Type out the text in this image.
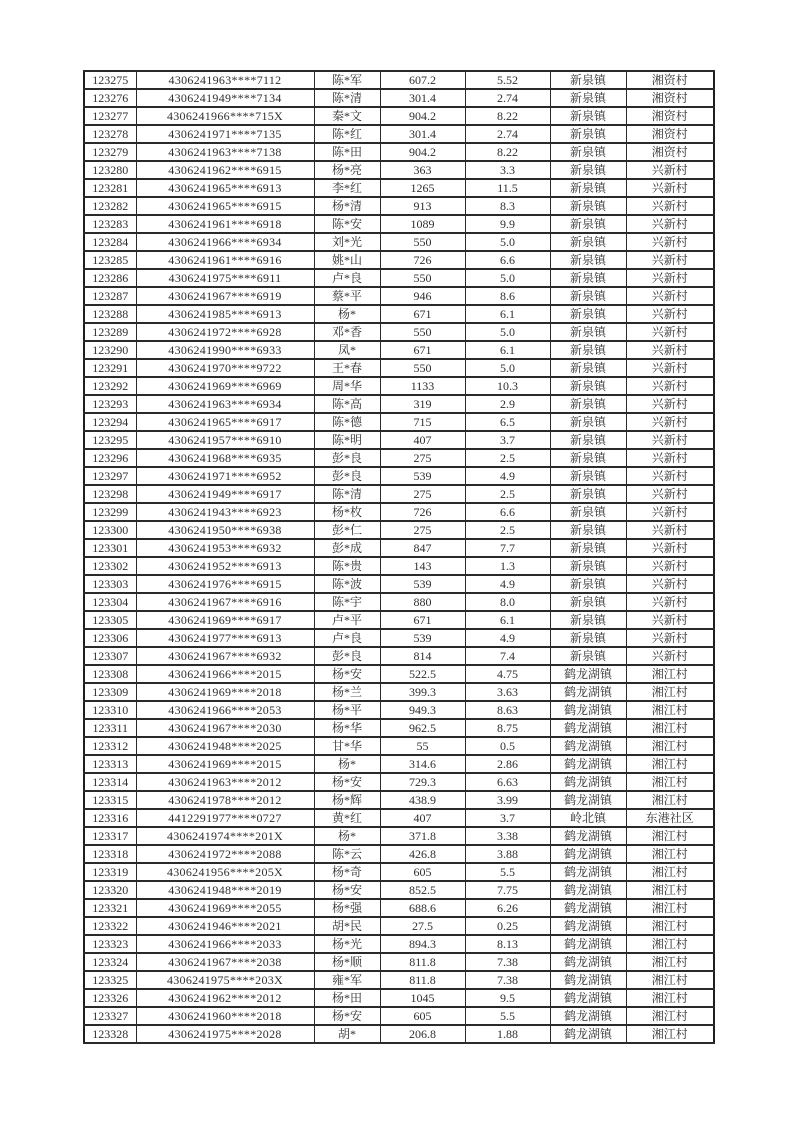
123275	4306241963****7112	陈*军	607.2	5.52	新泉镇	湘资村
123276	4306241949****7134	陈*清	301.4	2.74	新泉镇	湘资村
123277	4306241966****715X	秦*文	904.2	8.22	新泉镇	湘资村
123278	4306241971****7135	陈*红	301.4	2.74	新泉镇	湘资村
123279	4306241963****7138	陈*田	904.2	8.22	新泉镇	湘资村
123280	4306241962****6915	杨*亮	363	3.3	新泉镇	兴新村
123281	4306241965****6913	李*红	1265	11.5	新泉镇	兴新村
123282	4306241965****6915	杨*清	913	8.3	新泉镇	兴新村
123283	4306241961****6918	陈*安	1089	9.9	新泉镇	兴新村
123284	4306241966****6934	刘*光	550	5.0	新泉镇	兴新村
123285	4306241961****6916	姚*山	726	6.6	新泉镇	兴新村
123286	4306241975****6911	卢*良	550	5.0	新泉镇	兴新村
123287	4306241967****6919	蔡*平	946	8.6	新泉镇	兴新村
123288	4306241985****6913	杨*	671	6.1	新泉镇	兴新村
123289	4306241972****6928	邓*香	550	5.0	新泉镇	兴新村
123290	4306241990****6933	凤*	671	6.1	新泉镇	兴新村
123291	4306241970****9722	王*春	550	5.0	新泉镇	兴新村
123292	4306241969****6969	周*华	1133	10.3	新泉镇	兴新村
123293	4306241963****6934	陈*高	319	2.9	新泉镇	兴新村
123294	4306241965****6917	陈*德	715	6.5	新泉镇	兴新村
123295	4306241957****6910	陈*明	407	3.7	新泉镇	兴新村
123296	4306241968****6935	彭*良	275	2.5	新泉镇	兴新村
123297	4306241971****6952	彭*良	539	4.9	新泉镇	兴新村
123298	4306241949****6917	陈*清	275	2.5	新泉镇	兴新村
123299	4306241943****6923	杨*枚	726	6.6	新泉镇	兴新村
123300	4306241950****6938	彭*仁	275	2.5	新泉镇	兴新村
123301	4306241953****6932	彭*成	847	7.7	新泉镇	兴新村
123302	4306241952****6913	陈*贵	143	1.3	新泉镇	兴新村
123303	4306241976****6915	陈*波	539	4.9	新泉镇	兴新村
123304	4306241967****6916	陈*宇	880	8.0	新泉镇	兴新村
123305	4306241969****6917	卢*平	671	6.1	新泉镇	兴新村
123306	4306241977****6913	卢*良	539	4.9	新泉镇	兴新村
123307	4306241967****6932	彭*良	814	7.4	新泉镇	兴新村
123308	4306241966****2015	杨*安	522.5	4.75	鹤龙湖镇	湘江村
123309	4306241969****2018	杨*兰	399.3	3.63	鹤龙湖镇	湘江村
123310	4306241966****2053	杨*平	949.3	8.63	鹤龙湖镇	湘江村
123311	4306241967****2030	杨*华	962.5	8.75	鹤龙湖镇	湘江村
123312	4306241948****2025	甘*华	55	0.5	鹤龙湖镇	湘江村
123313	4306241969****2015	杨*	314.6	2.86	鹤龙湖镇	湘江村
123314	4306241963****2012	杨*安	729.3	6.63	鹤龙湖镇	湘江村
123315	4306241978****2012	杨*辉	438.9	3.99	鹤龙湖镇	湘江村
123316	4412291977****0727	黄*红	407	3.7	岭北镇	东港社区
123317	4306241974****201X	杨*	371.8	3.38	鹤龙湖镇	湘江村
123318	4306241972****2088	陈*云	426.8	3.88	鹤龙湖镇	湘江村
123319	4306241956****205X	杨*奇	605	5.5	鹤龙湖镇	湘江村
123320	4306241948****2019	杨*安	852.5	7.75	鹤龙湖镇	湘江村
123321	4306241969****2055	杨*强	688.6	6.26	鹤龙湖镇	湘江村
123322	4306241946****2021	胡*民	27.5	0.25	鹤龙湖镇	湘江村
123323	4306241966****2033	杨*光	894.3	8.13	鹤龙湖镇	湘江村
123324	4306241967****2038	杨*顺	811.8	7.38	鹤龙湖镇	湘江村
123325	4306241975****203X	雍*军	811.8	7.38	鹤龙湖镇	湘江村
123326	4306241962****2012	杨*田	1045	9.5	鹤龙湖镇	湘江村
123327	4306241960****2018	杨*安	605	5.5	鹤龙湖镇	湘江村
123328	4306241975****2028	胡*	206.8	1.88	鹤龙湖镇	湘江村
